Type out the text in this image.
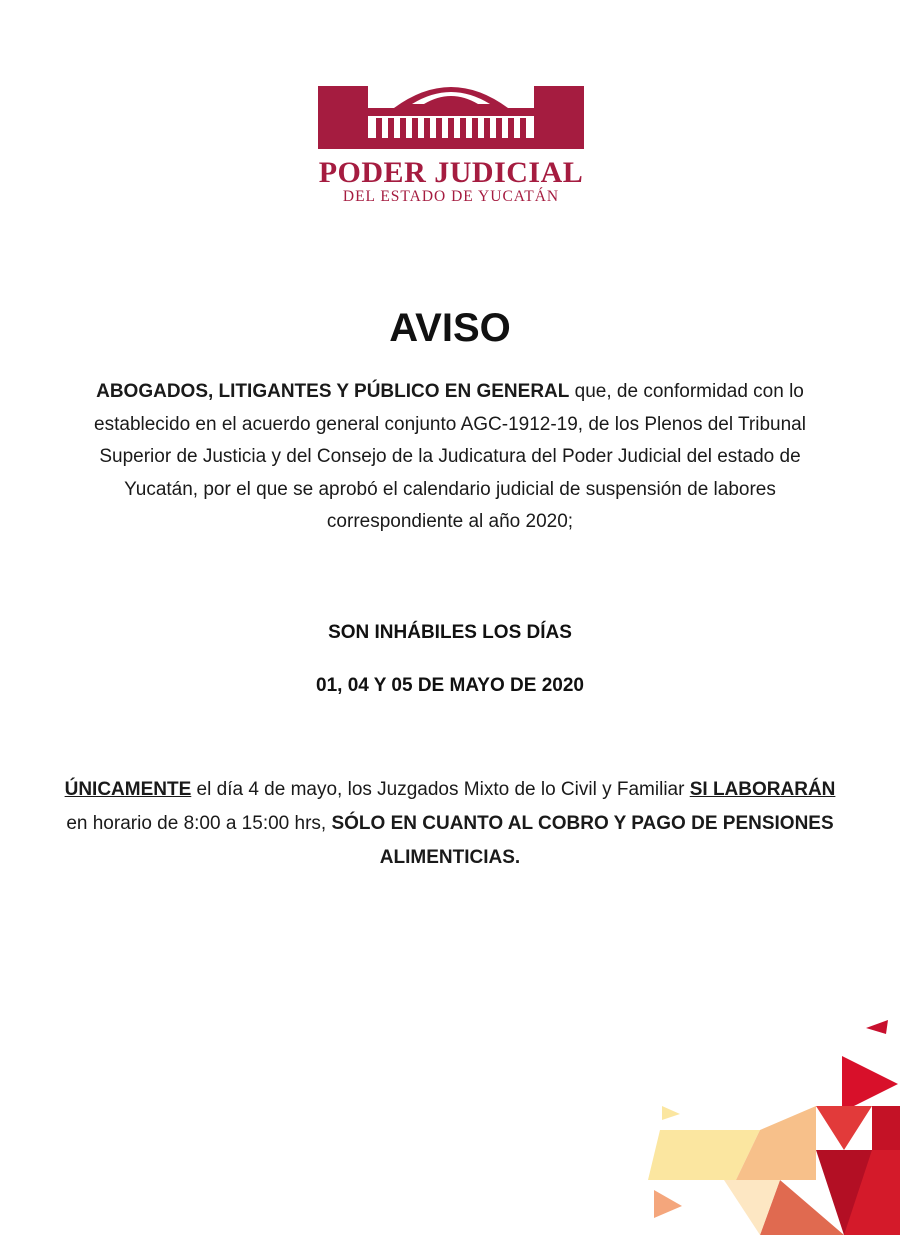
PODER JUDICIAL
DEL ESTADO DE YUCATÁN
AVISO

ABOGADOS, LITIGANTES Y PÚBLICO EN GENERAL que, de conformidad con lo establecido en el acuerdo general conjunto AGC-1912-19, de los Plenos del Tribunal Superior de Justicia y del Consejo de la Judicatura del Poder Judicial del estado de Yucatán, por el que se aprobó el calendario judicial de suspensión de labores correspondiente al año 2020;

SON INHÁBILES LOS DÍAS

01, 04 Y 05 DE MAYO DE 2020

ÚNICAMENTE el día 4 de mayo, los Juzgados Mixto de lo Civil y Familiar SI LABORARÁN en horario de 8:00 a 15:00 hrs, SÓLO EN CUANTO AL COBRO Y PAGO DE PENSIONES ALIMENTICIAS.
